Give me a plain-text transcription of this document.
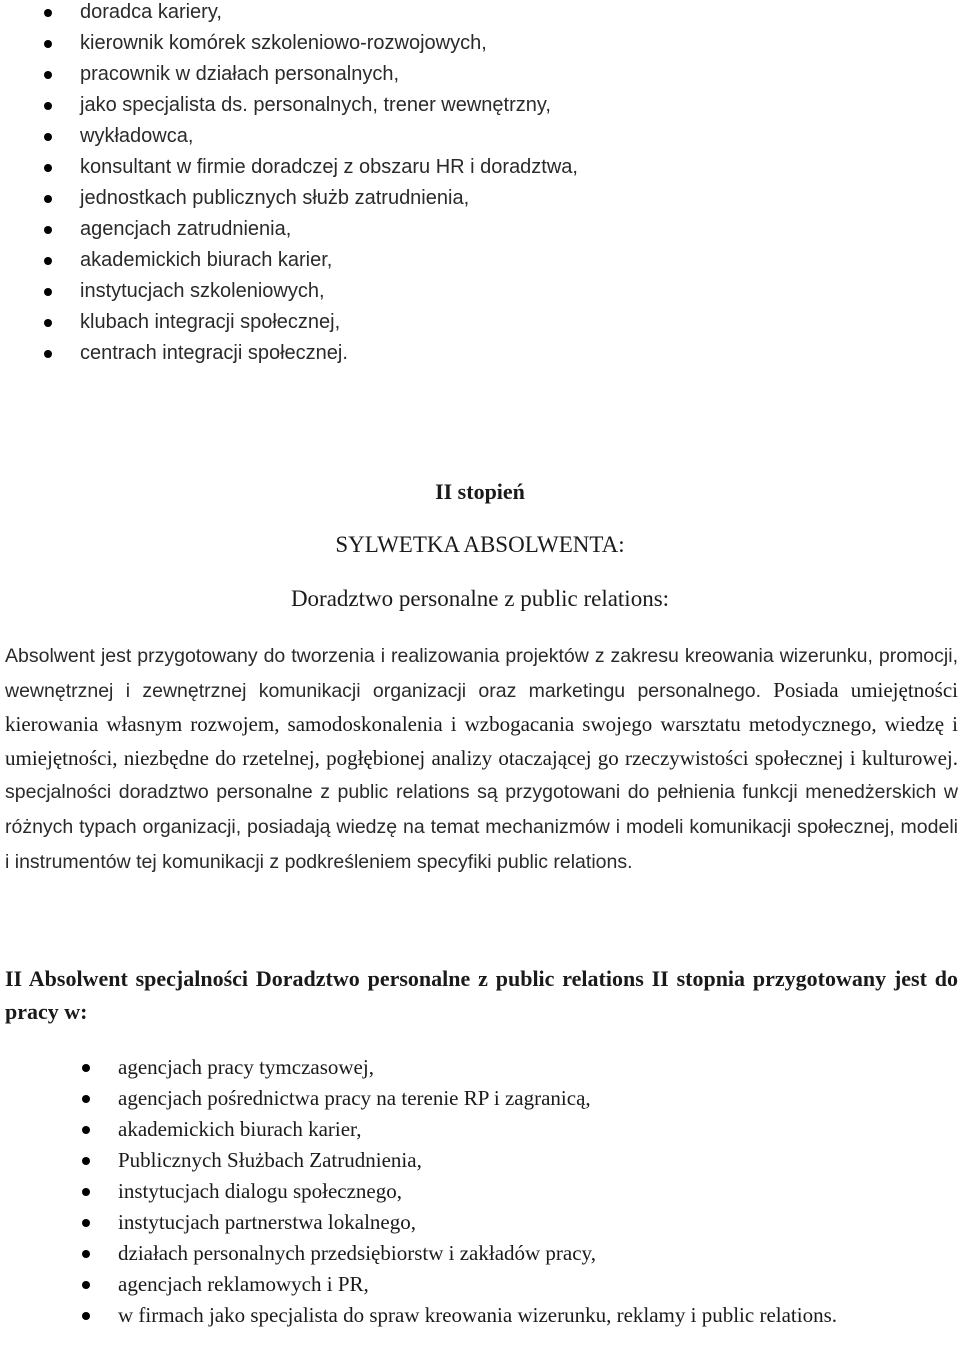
doradca kariery,
kierownik komórek szkoleniowo-rozwojowych,
pracownik w działach personalnych,
jako specjalista ds. personalnych, trener wewnętrzny,
wykładowca,
konsultant w firmie doradczej z obszaru HR i doradztwa,
jednostkach publicznych służb zatrudnienia,
agencjach zatrudnienia,
akademickich biurach karier,
instytucjach szkoleniowych,
klubach integracji społecznej,
centrach integracji społecznej.
II stopień
SYLWETKA ABSOLWENTA:
Doradztwo personalne z public relations:

Absolwent jest przygotowany do tworzenia i realizowania projektów z zakresu kreowania wizerunku, promocji, wewnętrznej i zewnętrznej komunikacji organizacji oraz marketingu personalnego. Posiada umiejętności kierowania własnym rozwojem, samodoskonalenia i wzbogacania swojego warsztatu metodycznego, wiedzę i umiejętności, niezbędne do rzetelnej, pogłębionej analizy otaczającej go rzeczywistości społecznej i kulturowej. specjalności doradztwo personalne z public relations są przygotowani do pełnienia funkcji menedżerskich w różnych typach organizacji, posiadają wiedzę na temat mechanizmów i modeli komunikacji społecznej, modeli i instrumentów tej komunikacji z podkreśleniem specyfiki public relations.

II Absolwent specjalności Doradztwo personalne z public relations II stopnia przygotowany jest do pracy w:

agencjach pracy tymczasowej,
agencjach pośrednictwa pracy na terenie RP i zagranicą,
akademickich biurach karier,
Publicznych Służbach Zatrudnienia,
instytucjach dialogu społecznego,
instytucjach partnerstwa lokalnego,
działach personalnych przedsiębiorstw i zakładów pracy,
agencjach reklamowych i PR,
w firmach jako specjalista do spraw kreowania wizerunku, reklamy i public relations.
